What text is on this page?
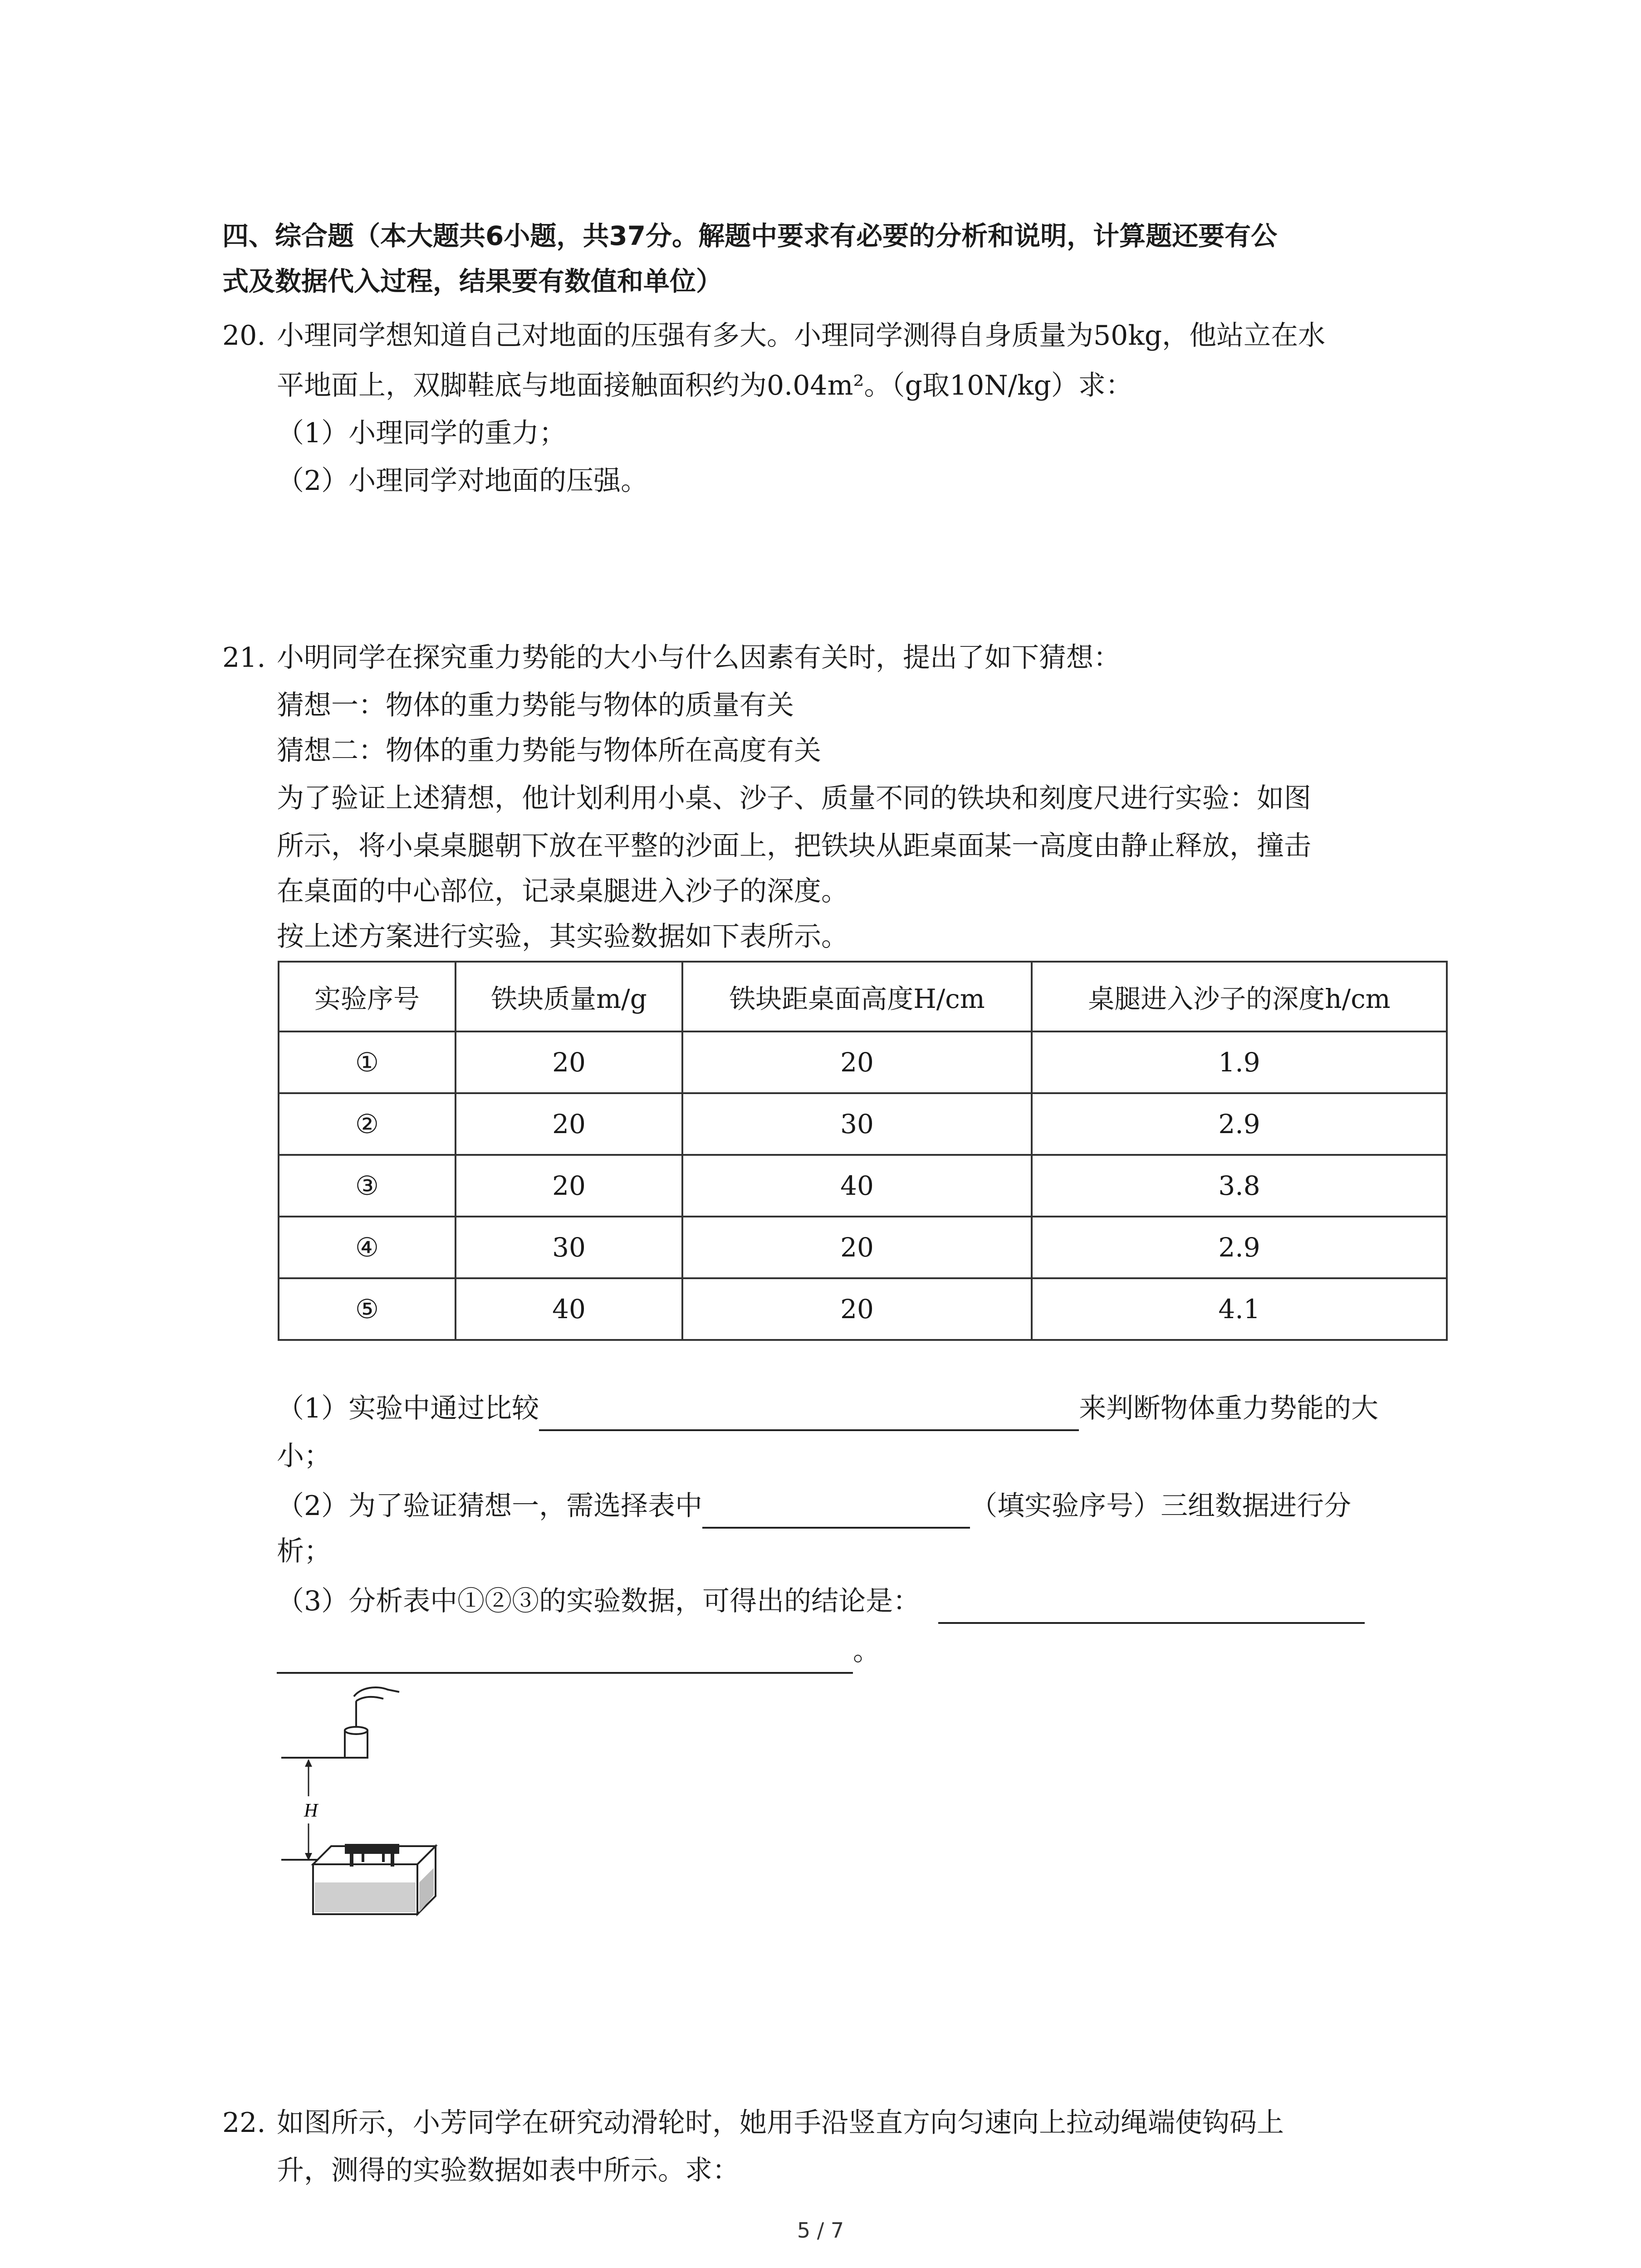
四、综合题（本大题共6小题，共37分。解题中要求有必要的分析和说明，计算题还要有公
式及数据代入过程，结果要有数值和单位）
20. 小理同学想知道自己对地面的压强有多大。小理同学测得自身质量为50kg，他站立在水
平地面上，双脚鞋底与地面接触面积约为0.04m²。（g取10N/kg）求：
（1）小理同学的重力；
（2）小理同学对地面的压强。
21. 小明同学在探究重力势能的大小与什么因素有关时，提出了如下猜想：
猜想一：物体的重力势能与物体的质量有关
猜想二：物体的重力势能与物体所在高度有关
为了验证上述猜想，他计划利用小桌、沙子、质量不同的铁块和刻度尺进行实验：如图
所示，将小桌桌腿朝下放在平整的沙面上，把铁块从距桌面某一高度由静止释放，撞击
在桌面的中心部位，记录桌腿进入沙子的深度。
按上述方案进行实验，其实验数据如下表所示。
实验序号	铁块质量m/g	铁块距桌面高度H/cm	桌腿进入沙子的深度h/cm
①	20	20	1.9
②	20	30	2.9
③	20	40	3.8
④	30	20	2.9
⑤	40	20	4.1
（1）实验中通过比较	来判断物体重力势能的大
小；
（2）为了验证猜想一，需选择表中	（填实验序号）三组数据进行分
析；
（3）分析表中①②③的实验数据，可得出的结论是：
。
H
22. 如图所示，小芳同学在研究动滑轮时，她用手沿竖直方向匀速向上拉动绳端使钩码上
升，测得的实验数据如表中所示。求：
5 / 7
